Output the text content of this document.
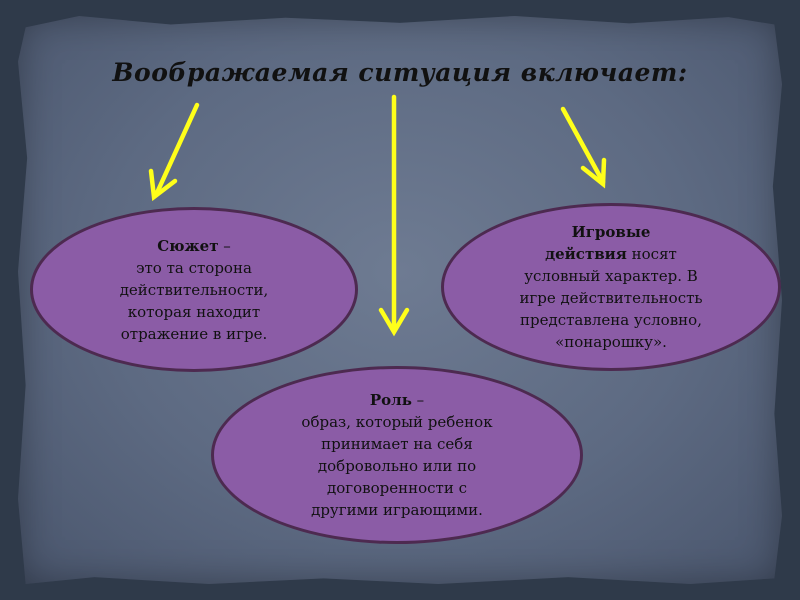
Воображаемая ситуация включает:
Сюжет –
это та сторона
действительности,
которая находит
отражение в игре.
Игровые
действия носят
условный характер. В
игре действительность
представлена условно,
«понарошку».
Роль –
образ, который ребенок
принимает на себя
добровольно или по
договоренности с
другими играющими.
